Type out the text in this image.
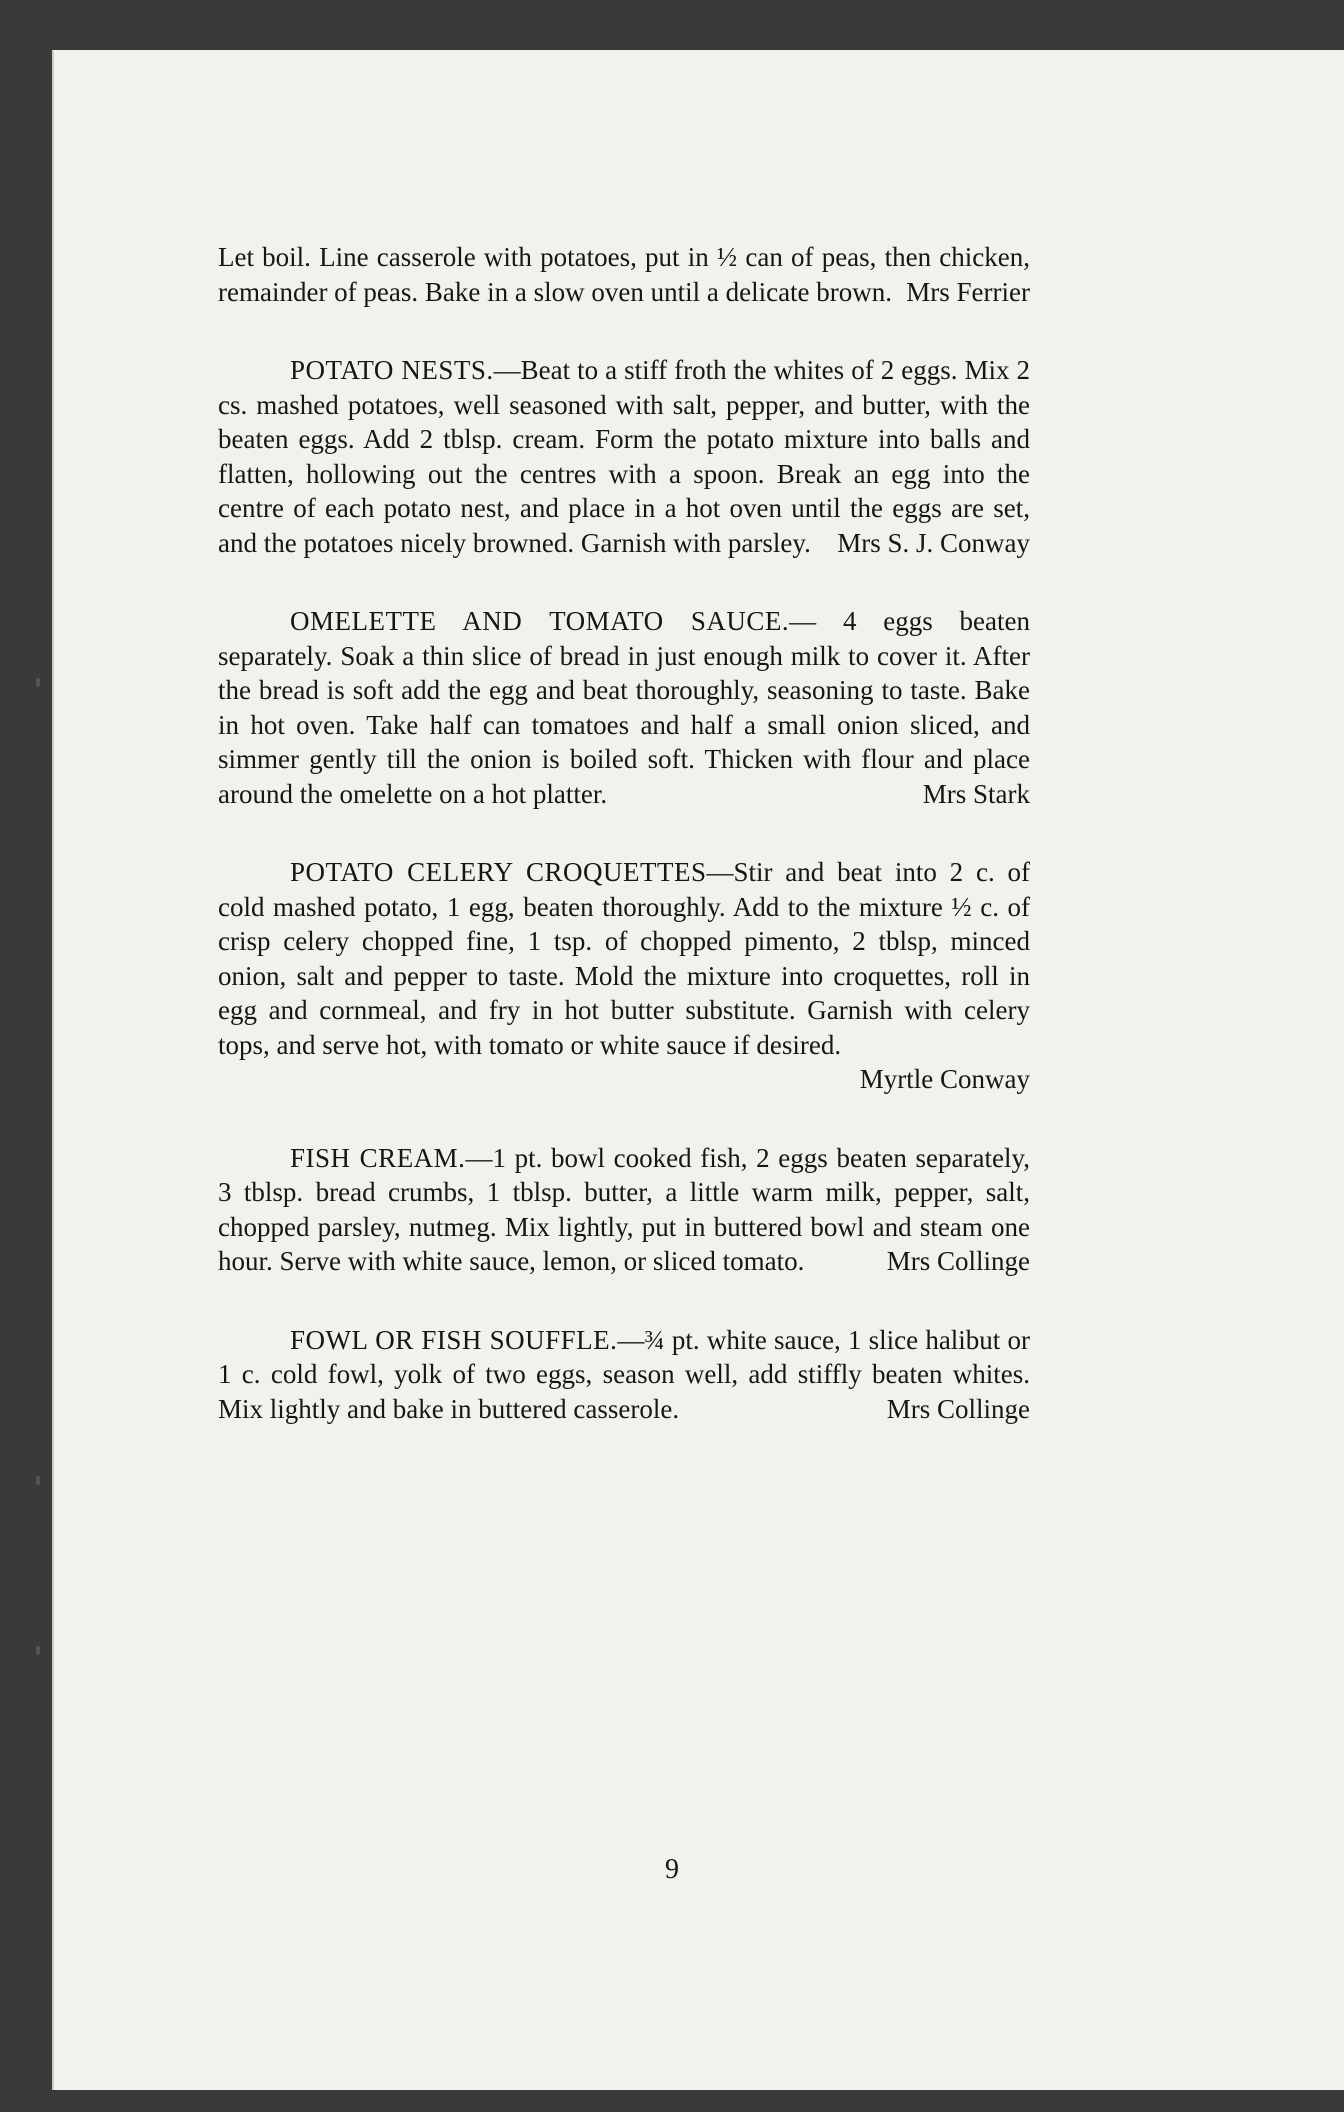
Let boil. Line casserole with potatoes, put in ½ can of peas, then chicken, remainder of peas. Bake in a slow oven until a delicate brown. Mrs Ferrier

POTATO NESTS.—Beat to a stiff froth the whites of 2 eggs. Mix 2 cs. mashed potatoes, well seasoned with salt, pepper, and butter, with the beaten eggs. Add 2 tblsp. cream. Form the potato mixture into balls and flatten, hollowing out the centres with a spoon. Break an egg into the centre of each potato nest, and place in a hot oven until the eggs are set, and the potatoes nicely browned. Garnish with parsley. Mrs S. J. Conway

OMELETTE AND TOMATO SAUCE.— 4 eggs beaten separately. Soak a thin slice of bread in just enough milk to cover it. After the bread is soft add the egg and beat thoroughly, seasoning to taste. Bake in hot oven. Take half can tomatoes and half a small onion sliced, and simmer gently till the onion is boiled soft. Thicken with flour and place around the omelette on a hot platter.	Mrs Stark

POTATO CELERY CROQUETTES—Stir and beat into 2 c. of cold mashed potato, 1 egg, beaten thoroughly. Add to the mixture ½ c. of crisp celery chopped fine, 1 tsp. of chopped pimento, 2 tblsp, minced onion, salt and pepper to taste. Mold the mixture into croquettes, roll in egg and cornmeal, and fry in hot butter substitute. Garnish with celery tops, and serve hot, with tomato or white sauce if desired.

Myrtle Conway

FISH CREAM.—1 pt. bowl cooked fish, 2 eggs beaten separately, 3 tblsp. bread crumbs, 1 tblsp. butter, a little warm milk, pepper, salt, chopped parsley, nutmeg. Mix lightly, put in buttered bowl and steam one hour. Serve with white sauce, lemon, or sliced tomato.	Mrs Collinge

FOWL OR FISH SOUFFLE.—¾ pt. white sauce, 1 slice halibut or 1 c. cold fowl, yolk of two eggs, season well, add stiffly beaten whites. Mix lightly and bake in buttered casserole.	Mrs Collinge
9
